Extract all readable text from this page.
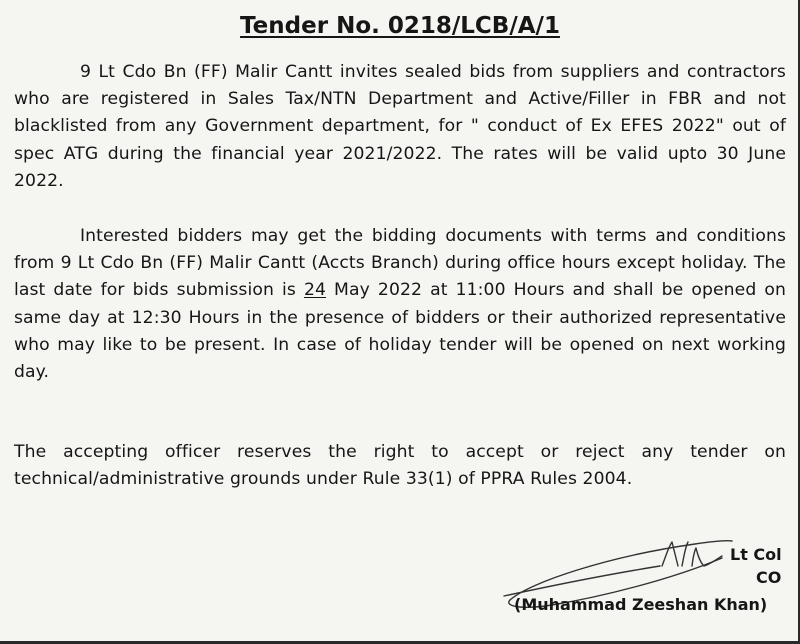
Tender No. 0218/LCB/A/1

9 Lt Cdo Bn (FF) Malir Cantt invites sealed bids from suppliers and contractors who are registered in Sales Tax/NTN Department and Active/Filler in FBR and not blacklisted from any Government department, for " conduct of Ex EFES 2022" out of spec ATG during the financial year 2021/2022. The rates will be valid upto 30 June 2022.

Interested bidders may get the bidding documents with terms and conditions from 9 Lt Cdo Bn (FF) Malir Cantt (Accts Branch) during office hours except holiday. The last date for bids submission is 24 May 2022 at 11:00 Hours and shall be opened on same day at 12:30 Hours in the presence of bidders or their authorized representative who may like to be present. In case of holiday tender will be opened on next working day.

The accepting officer reserves the right to accept or reject any tender on technical/administrative grounds under Rule 33(1) of PPRA Rules 2004.

Lt Col
CO
(Muhammad Zeeshan Khan)
